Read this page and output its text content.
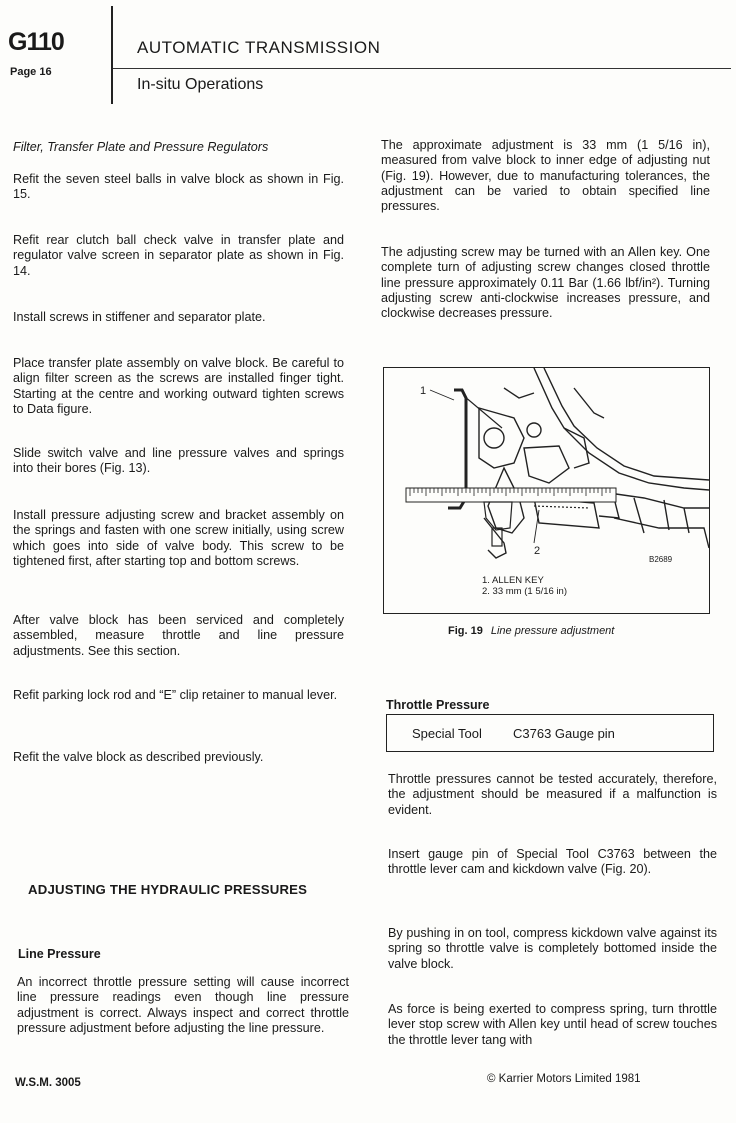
G110
Page 16
AUTOMATIC TRANSMISSION
In-situ Operations
Filter, Transfer Plate and Pressure Regulators
Refit the seven steel balls in valve block as shown in Fig. 15.
Refit rear clutch ball check valve in transfer plate and regulator valve screen in separator plate as shown in Fig. 14.
Install screws in stiffener and separator plate.
Place transfer plate assembly on valve block. Be careful to align filter screen as the screws are installed finger tight. Starting at the centre and working outward tighten screws to Data figure.
Slide switch valve and line pressure valves and springs into their bores (Fig. 13).
Install pressure adjusting screw and bracket assembly on the springs and fasten with one screw initially, using screw which goes into side of valve body. This screw to be tightened first, after starting top and bottom screws.
After valve block has been serviced and completely assembled, measure throttle and line pressure adjustments. See this section.
Refit parking lock rod and “E” clip retainer to manual lever.
Refit the valve block as described previously.
ADJUSTING THE HYDRAULIC PRESSURES
Line Pressure
An incorrect throttle pressure setting will cause incorrect line pressure readings even though line pressure adjustment is correct. Always inspect and correct throttle pressure adjustment before adjusting the line pressure.
The approximate adjustment is 33 mm (1 5/16 in), measured from valve block to inner edge of adjusting nut (Fig. 19). However, due to manufacturing tolerances, the adjustment can be varied to obtain specified line pressures.
The adjusting screw may be turned with an Allen key. One complete turn of adjusting screw changes closed throttle line pressure approximately 0.11 Bar (1.66 lbf/in²). Turning adjusting screw anti-clockwise increases pressure, and clockwise decreases pressure.
1
2
B2689
1. ALLEN KEY
2. 33 mm (1 5/16 in)
Fig. 19 Line pressure adjustment
Throttle Pressure
Special Tool C3763 Gauge pin
Throttle pressures cannot be tested accurately, therefore, the adjustment should be measured if a malfunction is evident.
Insert gauge pin of Special Tool C3763 between the throttle lever cam and kickdown valve (Fig. 20).
By pushing in on tool, compress kickdown valve against its spring so throttle valve is completely bottomed inside the valve block.
As force is being exerted to compress spring, turn throttle lever stop screw with Allen key until head of screw touches the throttle lever tang with
W.S.M. 3005	© Karrier Motors Limited 1981
